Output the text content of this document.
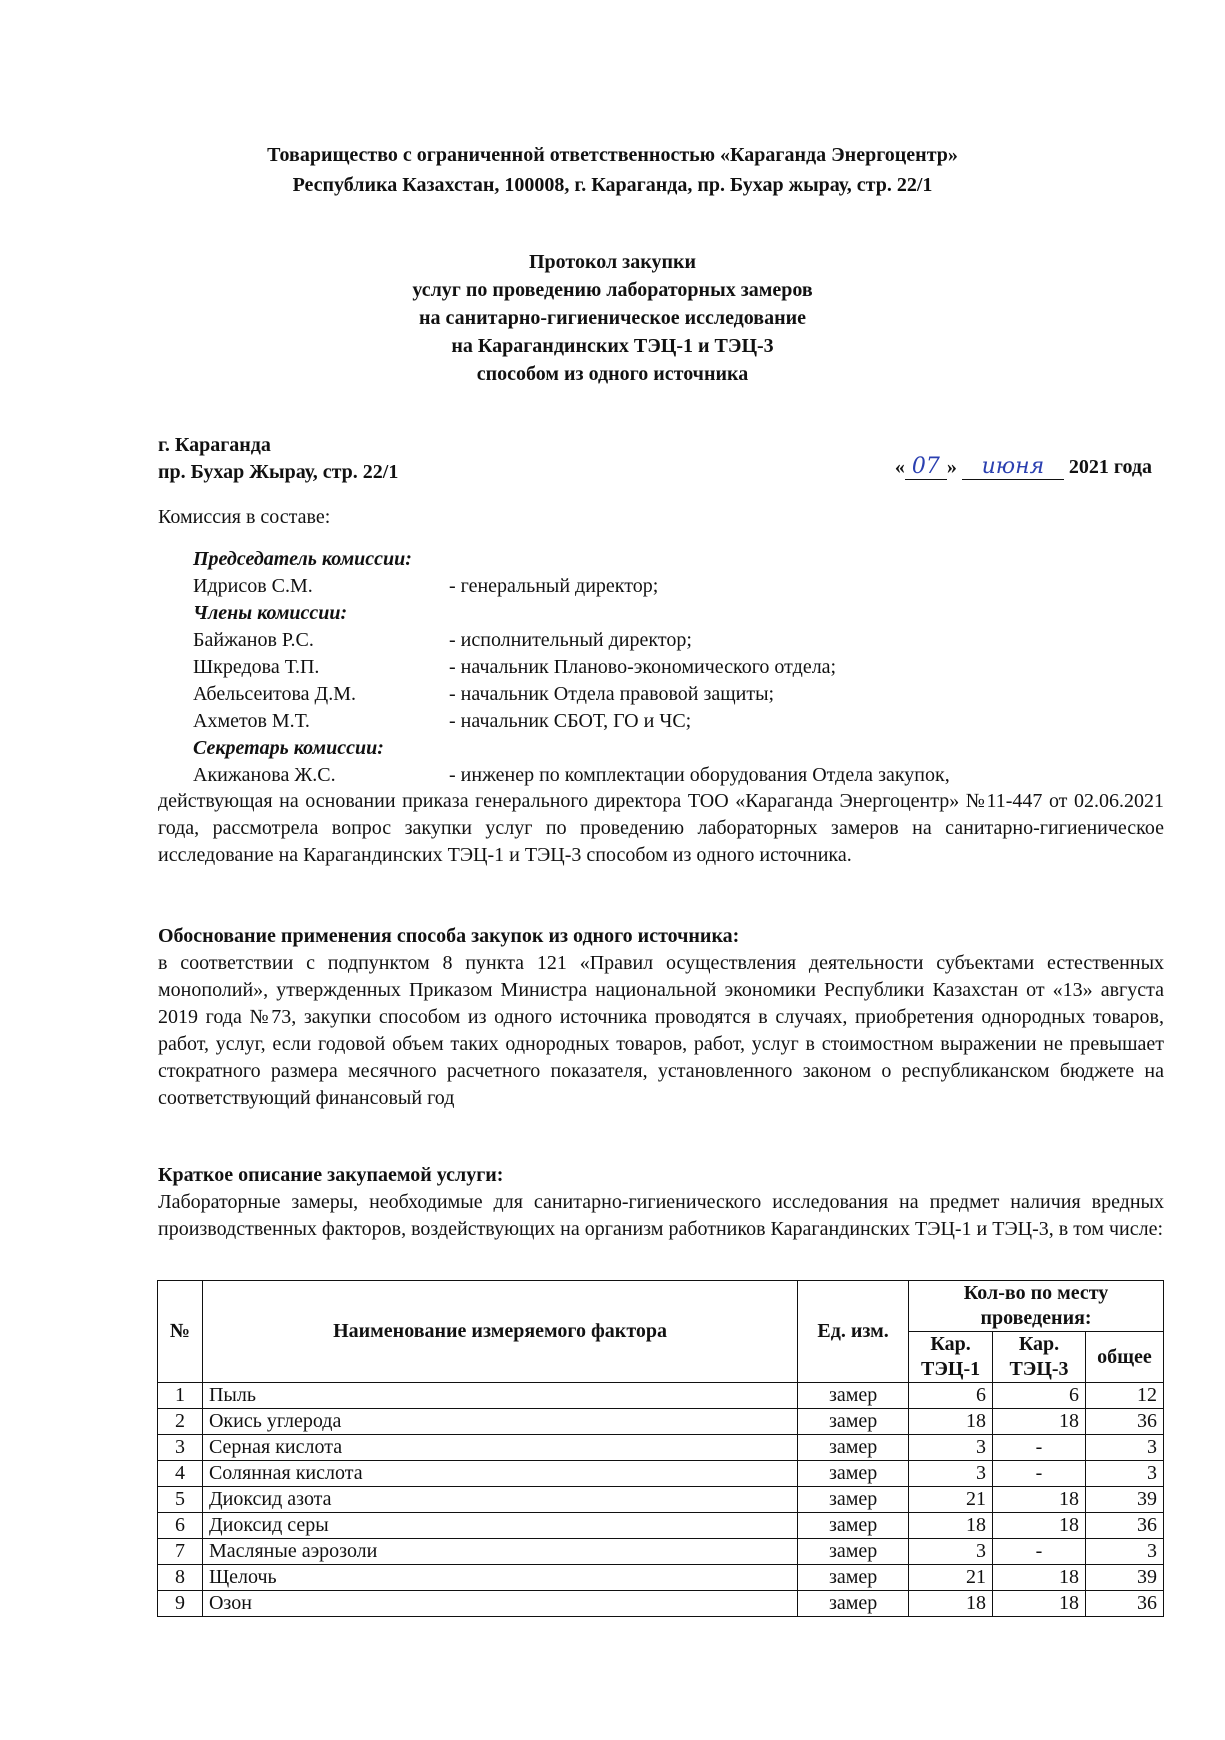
Товарищество с ограниченной ответственностью «Караганда Энергоцентр»
Республика Казахстан, 100008, г. Караганда, пр. Бухар жырау, стр. 22/1
Протокол закупки
услуг по проведению лабораторных замеров
на санитарно-гигиеническое исследование
на Карагандинских ТЭЦ-1 и ТЭЦ-3
способом из одного источника
г. Караганда
пр. Бухар Жырау, стр. 22/1	« 07 » июня 2021 года
Комиссия в составе:
Председатель комиссии:
Идрисов С.М.	- генеральный директор;
Члены комиссии:
Байжанов Р.С.	- исполнительный директор;
Шкредова Т.П.	- начальник Планово-экономического отдела;
Абельсеитова Д.М.	- начальник Отдела правовой защиты;
Ахметов М.Т.	- начальник СБОТ, ГО и ЧС;
Секретарь комиссии:
Акижанова Ж.С.	- инженер по комплектации оборудования Отдела закупок,
действующая на основании приказа генерального директора ТОО «Караганда Энергоцентр» №11-447 от 02.06.2021 года, рассмотрела вопрос закупки услуг по проведению лабораторных замеров на санитарно-гигиеническое исследование на Карагандинских ТЭЦ-1 и ТЭЦ-3 способом из одного источника.
Обоснование применения способа закупок из одного источника:
в соответствии с подпунктом 8 пункта 121 «Правил осуществления деятельности субъектами естественных монополий», утвержденных Приказом Министра национальной экономики Республики Казахстан от «13» августа 2019 года №73, закупки способом из одного источника проводятся в случаях, приобретения однородных товаров, работ, услуг, если годовой объем таких однородных товаров, работ, услуг в стоимостном выражении не превышает стократного размера месячного расчетного показателя, установленного законом о республиканском бюджете на соответствующий финансовый год
Краткое описание закупаемой услуги:
Лабораторные замеры, необходимые для санитарно-гигиенического исследования на предмет наличия вредных производственных факторов, воздействующих на организм работников Карагандинских ТЭЦ-1 и ТЭЦ-3, в том числе:
№	Наименование измеряемого фактора	Ед. изм.	Кол-во по месту проведения:		
			Кар. ТЭЦ-1	Кар. ТЭЦ-3	общее
1	Пыль	замер	6	6	12
2	Окись углерода	замер	18	18	36
3	Серная кислота	замер	3	-	3
4	Солянная кислота	замер	3	-	3
5	Диоксид азота	замер	21	18	39
6	Диоксид серы	замер	18	18	36
7	Масляные аэрозоли	замер	3	-	3
8	Щелочь	замер	21	18	39
9	Озон	замер	18	18	36
